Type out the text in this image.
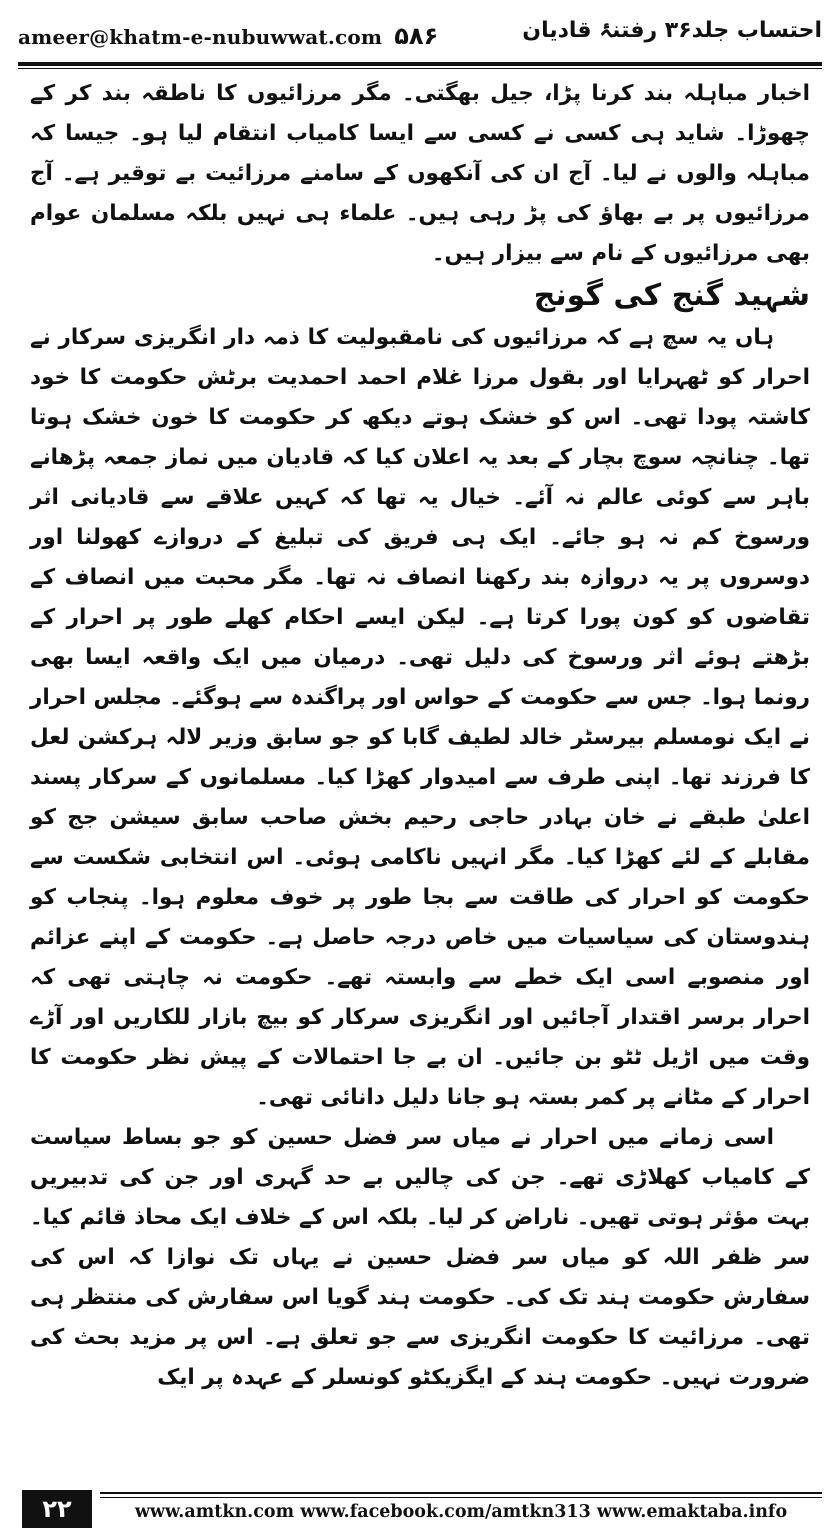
ameer@khatm-e-nubuwwat.com ۵۸۶	احتساب جلد۳۶ رفتنۂ قادیان

اخبار مباہلہ بند کرنا پڑا، جیل بھگتی۔ مگر مرزائیوں کا ناطقہ بند کر کے چھوڑا۔ شاید ہی کسی نے کسی سے ایسا کامیاب انتقام لیا ہو۔ جیسا کہ مباہلہ والوں نے لیا۔ آج ان کی آنکھوں کے سامنے مرزائیت بے توقیر ہے۔ آج مرزائیوں پر بے بھاؤ کی پڑ رہی ہیں۔ علماء ہی نہیں بلکہ مسلمان عوام بھی مرزائیوں کے نام سے بیزار ہیں۔

شہید گنج کی گونج

ہاں یہ سچ ہے کہ مرزائیوں کی نامقبولیت کا ذمہ دار انگریزی سرکار نے احرار کو ٹھہرایا اور بقول مرزا غلام احمد احمدیت برٹش حکومت کا خود کاشتہ پودا تھی۔ اس کو خشک ہوتے دیکھ کر حکومت کا خون خشک ہوتا تھا۔ چنانچہ سوچ بچار کے بعد یہ اعلان کیا کہ قادیان میں نماز جمعہ پڑھانے باہر سے کوئی عالم نہ آئے۔ خیال یہ تھا کہ کہیں علاقے سے قادیانی اثر ورسوخ کم نہ ہو جائے۔ ایک ہی فریق کی تبلیغ کے دروازے کھولنا اور دوسروں پر یہ دروازہ بند رکھنا انصاف نہ تھا۔ مگر محبت میں انصاف کے تقاضوں کو کون پورا کرتا ہے۔ لیکن ایسے احکام کھلے طور پر احرار کے بڑھتے ہوئے اثر ورسوخ کی دلیل تھی۔ درمیان میں ایک واقعہ ایسا بھی رونما ہوا۔ جس سے حکومت کے حواس اور پراگندہ سے ہوگئے۔ مجلس احرار نے ایک نومسلم بیرسٹر خالد لطیف گابا کو جو سابق وزیر لالہ ہرکشن لعل کا فرزند تھا۔ اپنی طرف سے امیدوار کھڑا کیا۔ مسلمانوں کے سرکار پسند اعلیٰ طبقے نے خان بہادر حاجی رحیم بخش صاحب سابق سیشن جج کو مقابلے کے لئے کھڑا کیا۔ مگر انہیں ناکامی ہوئی۔ اس انتخابی شکست سے حکومت کو احرار کی طاقت سے بجا طور پر خوف معلوم ہوا۔ پنجاب کو ہندوستان کی سیاسیات میں خاص درجہ حاصل ہے۔ حکومت کے اپنے عزائم اور منصوبے اسی ایک خطے سے وابستہ تھے۔ حکومت نہ چاہتی تھی کہ احرار برسر اقتدار آجائیں اور انگریزی سرکار کو بیچ بازار للکاریں اور آڑے وقت میں اڑیل ٹٹو بن جائیں۔ ان بے جا احتمالات کے پیش نظر حکومت کا احرار کے مٹانے پر کمر بستہ ہو جانا دلیل دانائی تھی۔

اسی زمانے میں احرار نے میاں سر فضل حسین کو جو بساط سیاست کے کامیاب کھلاڑی تھے۔ جن کی چالیں بے حد گہری اور جن کی تدبیریں بہت مؤثر ہوتی تھیں۔ ناراض کر لیا۔ بلکہ اس کے خلاف ایک محاذ قائم کیا۔ سر ظفر اللہ کو میاں سر فضل حسین نے یہاں تک نوازا کہ اس کی سفارش حکومت ہند تک کی۔ حکومت ہند گویا اس سفارش کی منتظر ہی تھی۔ مرزائیت کا حکومت انگریزی سے جو تعلق ہے۔ اس پر مزید بحث کی ضرورت نہیں۔ حکومت ہند کے ایگزیکٹو کونسلر کے عہدہ پر ایک

۲۲	www.amtkn.com www.facebook.com/amtkn313 www.emaktaba.info
